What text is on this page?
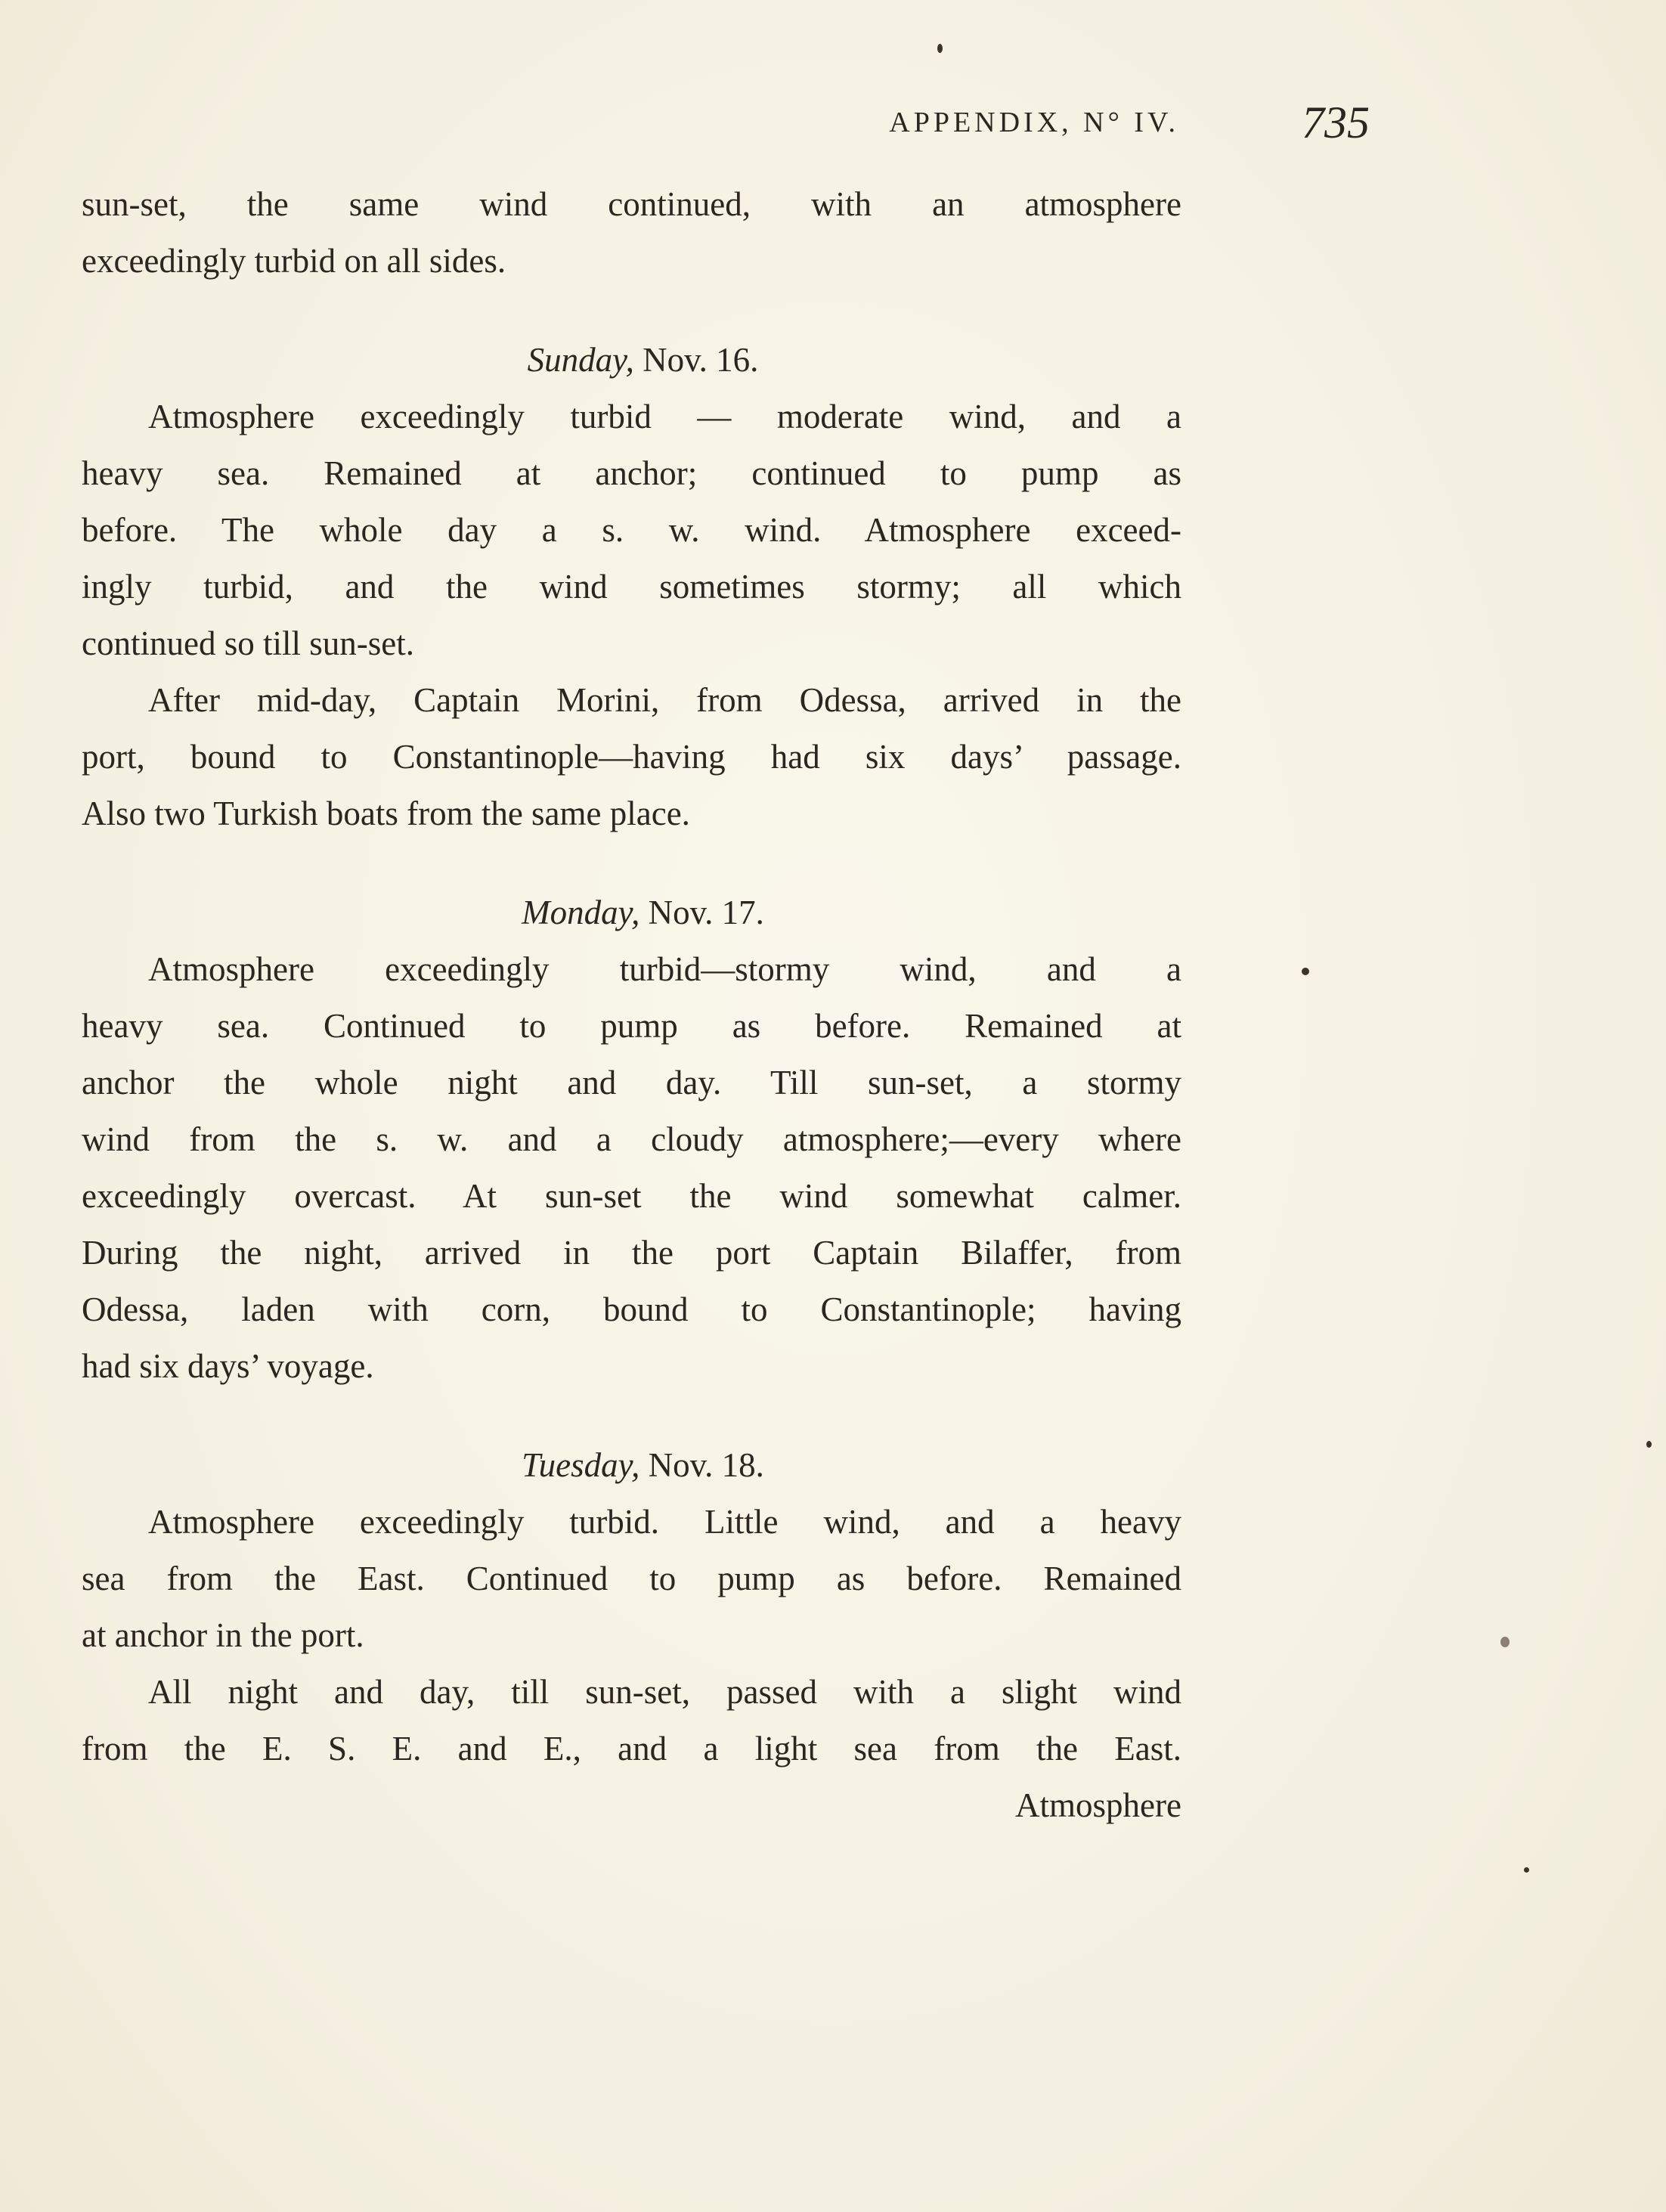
APPENDIX, N° IV.	735
sun-set, the same wind continued, with an atmosphere
exceedingly turbid on all sides.
Sunday, Nov. 16.
Atmosphere exceedingly turbid — moderate wind, and a
heavy sea. Remained at anchor; continued to pump as
before. The whole day a s. w. wind. Atmosphere exceed-
ingly turbid, and the wind sometimes stormy; all which
continued so till sun-set.
After mid-day, Captain Morini, from Odessa, arrived in the
port, bound to Constantinople—having had six days’ passage.
Also two Turkish boats from the same place.
Monday, Nov. 17.
Atmosphere exceedingly turbid—stormy wind, and a
heavy sea. Continued to pump as before. Remained at
anchor the whole night and day. Till sun-set, a stormy
wind from the s. w. and a cloudy atmosphere;—every where
exceedingly overcast. At sun-set the wind somewhat calmer.
During the night, arrived in the port Captain Bilaffer, from
Odessa, laden with corn, bound to Constantinople; having
had six days’ voyage.
Tuesday, Nov. 18.
Atmosphere exceedingly turbid. Little wind, and a heavy
sea from the East. Continued to pump as before. Remained
at anchor in the port.
All night and day, till sun-set, passed with a slight wind
from the E. S. E. and E., and a light sea from the East.
Atmosphere
